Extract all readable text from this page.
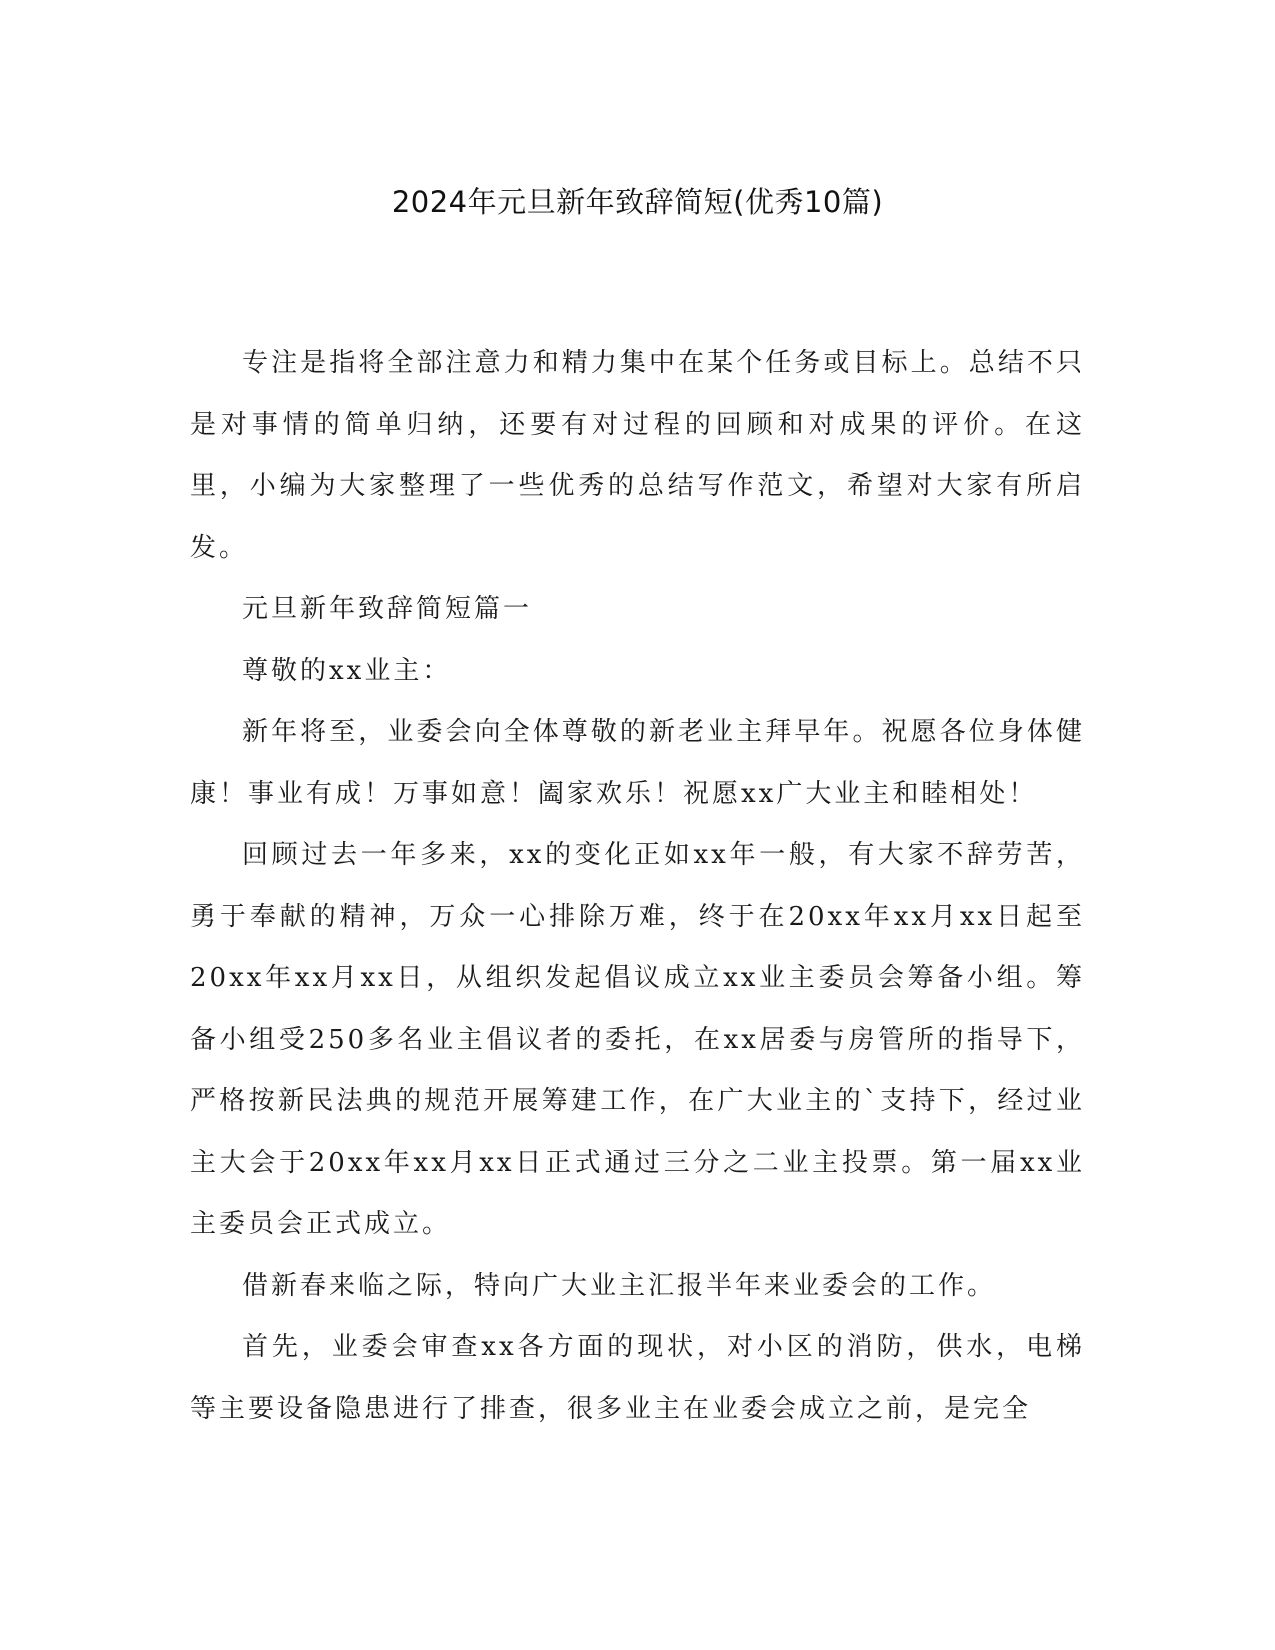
2024年元旦新年致辞简短(优秀10篇)

专注是指将全部注意力和精力集中在某个任务或目标上。总结不只是对事情的简单归纳，还要有对过程的回顾和对成果的评价。在这里，小编为大家整理了一些优秀的总结写作范文，希望对大家有所启发。

元旦新年致辞简短篇一

尊敬的xx业主：

新年将至，业委会向全体尊敬的新老业主拜早年。祝愿各位身体健康！事业有成！万事如意！阖家欢乐！祝愿xx广大业主和睦相处！

回顾过去一年多来，xx的变化正如xx年一般，有大家不辞劳苦，勇于奉献的精神，万众一心排除万难，终于在20xx年xx月xx日起至20xx年xx月xx日，从组织发起倡议成立xx业主委员会筹备小组。筹备小组受250多名业主倡议者的委托，在xx居委与房管所的指导下，严格按新民法典的规范开展筹建工作，在广大业主的`支持下，经过业主大会于20xx年xx月xx日正式通过三分之二业主投票。第一届xx业主委员会正式成立。

借新春来临之际，特向广大业主汇报半年来业委会的工作。

首先，业委会审查xx各方面的现状，对小区的消防，供水，电梯等主要设备隐患进行了排查，很多业主在业委会成立之前，是完全
